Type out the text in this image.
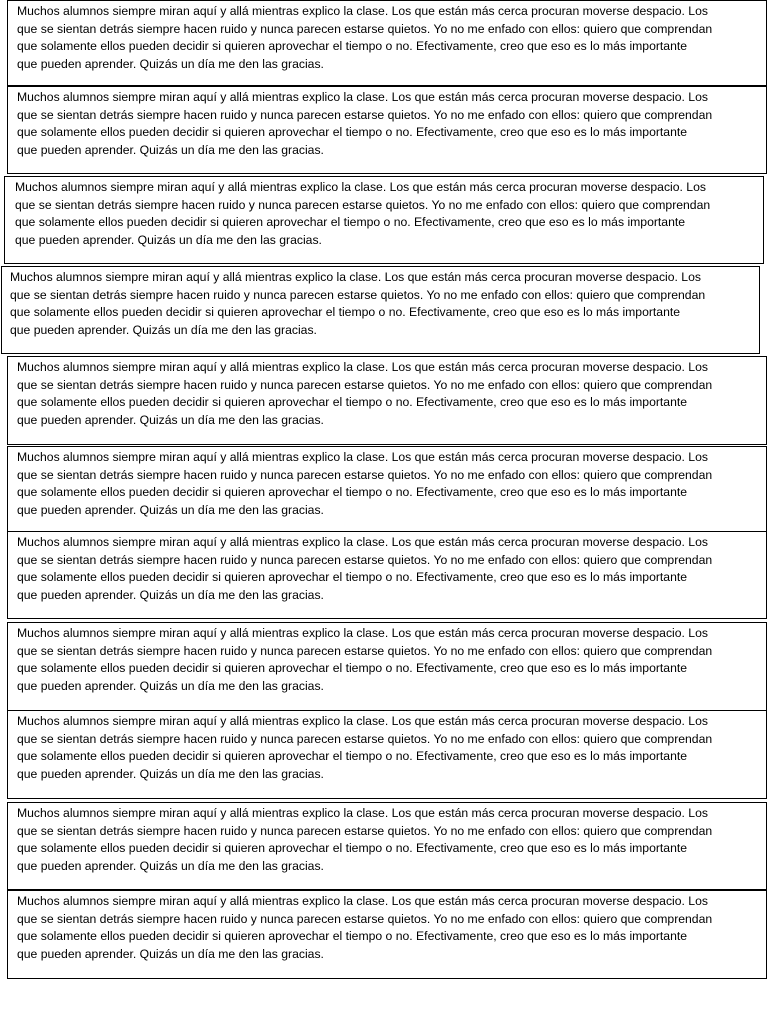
Muchos alumnos siempre miran aquí y allá mientras explico la clase. Los que están más cerca procuran moverse despacio. Los
que se sientan detrás siempre hacen ruido y nunca parecen estarse quietos. Yo no me enfado con ellos: quiero que comprendan
que solamente ellos pueden decidir si quieren aprovechar el tiempo o no. Efectivamente, creo que eso es lo más importante
que pueden aprender. Quizás un día me den las gracias.
Muchos alumnos siempre miran aquí y allá mientras explico la clase. Los que están más cerca procuran moverse despacio. Los
que se sientan detrás siempre hacen ruido y nunca parecen estarse quietos. Yo no me enfado con ellos: quiero que comprendan
que solamente ellos pueden decidir si quieren aprovechar el tiempo o no. Efectivamente, creo que eso es lo más importante
que pueden aprender. Quizás un día me den las gracias.
Muchos alumnos siempre miran aquí y allá mientras explico la clase. Los que están más cerca procuran moverse despacio. Los
que se sientan detrás siempre hacen ruido y nunca parecen estarse quietos. Yo no me enfado con ellos: quiero que comprendan
que solamente ellos pueden decidir si quieren aprovechar el tiempo o no. Efectivamente, creo que eso es lo más importante
que pueden aprender. Quizás un día me den las gracias.
Muchos alumnos siempre miran aquí y allá mientras explico la clase. Los que están más cerca procuran moverse despacio. Los
que se sientan detrás siempre hacen ruido y nunca parecen estarse quietos. Yo no me enfado con ellos: quiero que comprendan
que solamente ellos pueden decidir si quieren aprovechar el tiempo o no. Efectivamente, creo que eso es lo más importante
que pueden aprender. Quizás un día me den las gracias.
Muchos alumnos siempre miran aquí y allá mientras explico la clase. Los que están más cerca procuran moverse despacio. Los
que se sientan detrás siempre hacen ruido y nunca parecen estarse quietos. Yo no me enfado con ellos: quiero que comprendan
que solamente ellos pueden decidir si quieren aprovechar el tiempo o no. Efectivamente, creo que eso es lo más importante
que pueden aprender. Quizás un día me den las gracias.
Muchos alumnos siempre miran aquí y allá mientras explico la clase. Los que están más cerca procuran moverse despacio. Los
que se sientan detrás siempre hacen ruido y nunca parecen estarse quietos. Yo no me enfado con ellos: quiero que comprendan
que solamente ellos pueden decidir si quieren aprovechar el tiempo o no. Efectivamente, creo que eso es lo más importante
que pueden aprender. Quizás un día me den las gracias.
Muchos alumnos siempre miran aquí y allá mientras explico la clase. Los que están más cerca procuran moverse despacio. Los
que se sientan detrás siempre hacen ruido y nunca parecen estarse quietos. Yo no me enfado con ellos: quiero que comprendan
que solamente ellos pueden decidir si quieren aprovechar el tiempo o no. Efectivamente, creo que eso es lo más importante
que pueden aprender. Quizás un día me den las gracias.
Muchos alumnos siempre miran aquí y allá mientras explico la clase. Los que están más cerca procuran moverse despacio. Los
que se sientan detrás siempre hacen ruido y nunca parecen estarse quietos. Yo no me enfado con ellos: quiero que comprendan
que solamente ellos pueden decidir si quieren aprovechar el tiempo o no. Efectivamente, creo que eso es lo más importante
que pueden aprender. Quizás un día me den las gracias.
Muchos alumnos siempre miran aquí y allá mientras explico la clase. Los que están más cerca procuran moverse despacio. Los
que se sientan detrás siempre hacen ruido y nunca parecen estarse quietos. Yo no me enfado con ellos: quiero que comprendan
que solamente ellos pueden decidir si quieren aprovechar el tiempo o no. Efectivamente, creo que eso es lo más importante
que pueden aprender. Quizás un día me den las gracias.
Muchos alumnos siempre miran aquí y allá mientras explico la clase. Los que están más cerca procuran moverse despacio. Los
que se sientan detrás siempre hacen ruido y nunca parecen estarse quietos. Yo no me enfado con ellos: quiero que comprendan
que solamente ellos pueden decidir si quieren aprovechar el tiempo o no. Efectivamente, creo que eso es lo más importante
que pueden aprender. Quizás un día me den las gracias.
Muchos alumnos siempre miran aquí y allá mientras explico la clase. Los que están más cerca procuran moverse despacio. Los
que se sientan detrás siempre hacen ruido y nunca parecen estarse quietos. Yo no me enfado con ellos: quiero que comprendan
que solamente ellos pueden decidir si quieren aprovechar el tiempo o no. Efectivamente, creo que eso es lo más importante
que pueden aprender. Quizás un día me den las gracias.
